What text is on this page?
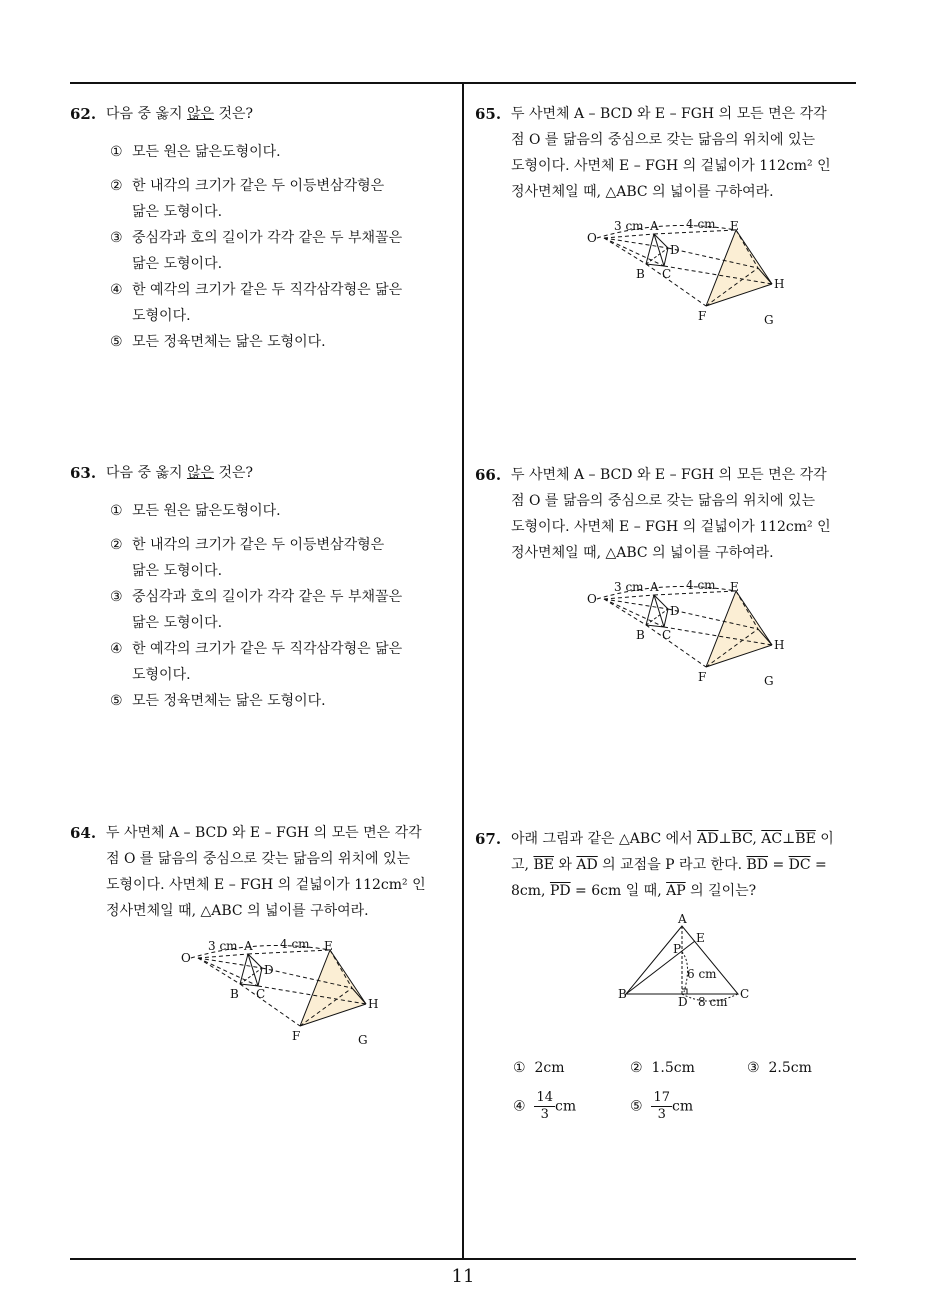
62. 다음 중 옳지 않은 것은?
① 모든 원은 닮은도형이다.
② 한 내각의 크기가 같은 두 이등변삼각형은
닮은 도형이다.
③ 중심각과 호의 길이가 각각 같은 두 부채꼴은
닮은 도형이다.
④ 한 예각의 크기가 같은 두 직각삼각형은 닮은
도형이다.
⑤ 모든 정육면체는 닮은 도형이다.
63. 다음 중 옳지 않은 것은?
① 모든 원은 닮은도형이다.
② 한 내각의 크기가 같은 두 이등변삼각형은
닮은 도형이다.
③ 중심각과 호의 길이가 각각 같은 두 부채꼴은
닮은 도형이다.
④ 한 예각의 크기가 같은 두 직각삼각형은 닮은
도형이다.
⑤ 모든 정육면체는 닮은 도형이다.
64. 두 사면체 A – BCD 와 E – FGH 의 모든 면은 각각
점 O 를 닮음의 중심으로 갖는 닮음의 위치에 있는
도형이다. 사면체 E – FGH 의 겉넓이가 112cm² 인
정사면체일 때, △ABC 의 넓이를 구하여라.
65. 두 사면체 A – BCD 와 E – FGH 의 모든 면은 각각
점 O 를 닮음의 중심으로 갖는 닮음의 위치에 있는
도형이다. 사면체 E – FGH 의 겉넓이가 112cm² 인
정사면체일 때, △ABC 의 넓이를 구하여라.
66. 두 사면체 A – BCD 와 E – FGH 의 모든 면은 각각
점 O 를 닮음의 중심으로 갖는 닮음의 위치에 있는
도형이다. 사면체 E – FGH 의 겉넓이가 112cm² 인
정사면체일 때, △ABC 의 넓이를 구하여라.
O
3 cm A 4 cm E
D
B C
H
F	G
O
3 cm A 4 cm E
D
B C
H
F	G
O
3 cm A 4 cm E
D
B C
H
F	G
67. 아래 그림과 같은 △ABC 에서 $\overline{AD}\perp\overline{BC}$, $\overline{AC}\perp\overline{BE}$ 이
고, $\overline{BE}$ 와 $\overline{AD}$ 의 교점을 P 라고 한다. $\overline{BD} = \overline{DC}$ =
8cm, $\overline{PD} = 6cm$ 일 때, $\overline{AP}$ 의 길이는?
A
E
P
6 cm
B	C
D 8 cm
① 2cm	② 1.5cm	③ 2.5cm
④ $\frac{14}{3}$ cm	⑤ $\frac{17}{3}$ cm
11
